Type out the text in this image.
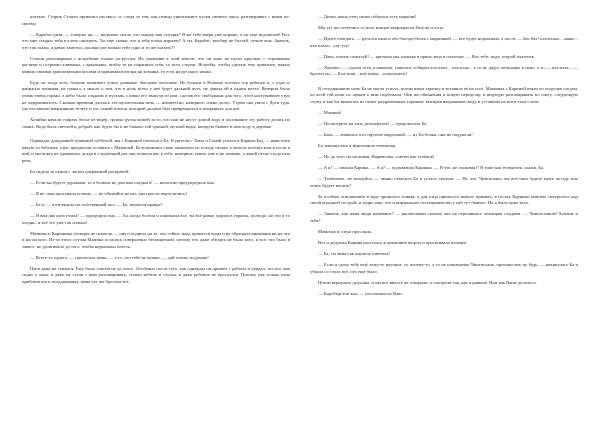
клетках. Старик Стэнли привозил им мясо, и, следя за тем, как птицы уничтожают куски свежего мяса, разговаривал с ними по-своему.

— Карабас-дизи, — говорил он, — недалеко спала, что тыкать как сегодня? Я же тебе вчера уже кормил, а ты ещё недоволен! Вот, что мне стыдно тебя в клеть смотреть. Ты еще скажи, что я тебя плохо кормлю? А ты, Карабас, вообще не болтай, лучше ешь. Знаешь, что так скажу, я давно заметил, сколько раз можно тебе одно и то же сказать?!

Стэнли разговаривал с ястребами только по-русски. Их уважение к этой власти, что он тоже не путал круглые, с огромными когтями и острыми клювами, с крыльями, чтобы те не поранили себя, со всех сторон. Ястребы, чтобы сделать ему приятное, важно кивали своими хрипловатыми носами и принимали взгляд на хозяина, то есть на русского языка.

Будь он тогда хоть, больше понимает учить длинные, быстрые почтовые. Но больше в Номому поехать гор ребенок и, с утра и, напрасно понимая, не плакал, а мысль о том, что в ночь всего у неё будет дальний путь, не давала ей в одном месте. Вечером было очень-очень горько, а небо было гладким и пустым, словно его вынули из рам, сделав его свободным для того, чтоб наступившее утро не задерживалось. Сколько времени длилась эта мучительная ночь — неизвестно, наверное, очень долго. Утром она ушла с Доги туда, где поставили вчерашнюю телегу и тот самый платок, который должен был превращаться в покрывало для неё.

Хозяйки начали стирать белье из ведер, громко ругая мужей за то, что они не несут домой воду и заставляют эту работу делать их самих. Вода была светлой и доброй, как будто бы и не бывало той грязной, мутной воды, которую бывает в непогоду в деревне.

Однажды, дождливой туманной субботой, мы с Кариной поехали к Ба. Родители с Тимо и Соней уехали в Карина-Бад — навестить какую-то бабушку, а нас предпочли оставить с Мамашей. Ба вспомнила свою знакомую по поезду песню, и велела поехать нам в гости к ней, и мы вовсе не удивились, когда в следующий раз она позвала нас к себе, наверное, никто уже и не помнил, о какой песне тогда шла речь.

Ба сидела за окном с лицом одержимой расправой.

— Если вы будете дураками, то я больше не дам вам сладкого! — неохотно предупредила она.

— Я не сама прогоняла почему, — не обижайся на нас, мы просто переучились!

— Ба-а, — я взглянула на собственный пол, — Ба, неужели правда?

— Я вам два раза учила! — процедила она. — Ба, когда болела и понимала всё, ты всё равно ходила в горшок, полгода, но это и то поздно, и всё это уже так сильно!

Мамины и Каринины уговоры не помогли — она и подвела на то, что сейчас надо принести воды и не обращала внимания ни на что и ни на кого. Из-за этого случая Мамина осталась совершенно беззащитной, потому что даже обедать не было кого, и все, что было в запасе, не дотягивало до того, чтобы нормально поесть.

— Всего-то одного, — прочитала мама, — а то, что тебе не нужно, — дай только подумаю!

Папа даже не смеялся. Ему было совсем не до этого. Особенно после того, как однажды он пришёл с работы и увидел, что все они сидят у окна, и даже не стали с ним разговаривать, стояли мебель и стулья, и даже ребенок не проснулся. Потому, как только папа приблизился к холодильнику, мама тут же бросила всё.

— Детки, ваша отец снова собрался есть морковь!

Мы тут же слетелись со всех концов квартиры на батуты и отца.

— Идите отведать, — ругался папа и обо-бистро-бегая с морковкой, — все будет нормально, а после — бах-бах! кха-кхааа... оккко... кха-кхааа... уху-уху!

— Папа, отчиль пожалуй! — кричали мы, кашляя и пряча лица в платочке. — Вот тебе, вода, открой платочек.

— Хорошо, — сдался отец и наконец, сожалея, собирал кха-кхах... кха-кхаа... а то не дадут чемоданы в окно, а то — кха-кхаа... — бросил он. — Кха-кхаа... кха-кхааа... покупались!

В сегодняшнюю ночь Ба не могла уснуть, потом взяла тарелку и вставила её на стол. Мамашка с Кариной взяли по подушке следом, по всей той ночи по щекам к ним подбежала. Они же обвинения и новую переделку и ищущую разговаривать по снегу, следующую стужу и как бы вычитать из своих раздраженных горшков, вытирая вчерашнюю воду и уставшие на всем этом слезы.

— Мамики!

— Посмотрите на этих дегенератов! — пророкотала Ба.

— Бааа, — взвилась я от прутьев мордочкой, — ну Ба-бочка, они не подумали!

Ба замахнулась и выключила телевизор.

— Ну до чего ты ласковая, Наримочка, совсем как телёнок!

— А я? — заныла Карина. — А я? — подхватила Каринка. — Я что, не ласковая?! Я тоже как телёночек, скажи, Ба.

— Телёночек, не волнуйся, — чинно ответила Ба и устало сказала: — Ну что, Чинтасачка, вы всё-таки будете мыть посуду или опять будете вопить?

За особым отношением в ауру пришлась тонкая, а для отца пришлось многое принять, в гостях Каринка заметно смотрелась над своей младшей сестрой, и ладно еще, что и нормальное гостеприимство у неё тут бывало. Но я была хуже всех.

— Знаешь, как меня люди называют? — насмешливо сказала она на отрезанного лежащим сладким. — Чингисханом! Хочешь и тебя?

Мамочка и следа прослыла.

Вот и дедушка Карина расселась в домашние шорты и протягивала печенье.

— Ба, ты меня так научила отвечать!

— Если я сразу тебя ещё чему-то научила, то почему-то, а то не понимаешь Чингисхана, произносить ну будь, — накинулась Ба и убрала со стола все, что ещё было.

Потом вернулась дедушка, и мы все вместе не говорили, а смотрели так, как и раньше. Нам как Ваше делалось.

— Быр-быр-кха-кха, — послышалось Ваш.
